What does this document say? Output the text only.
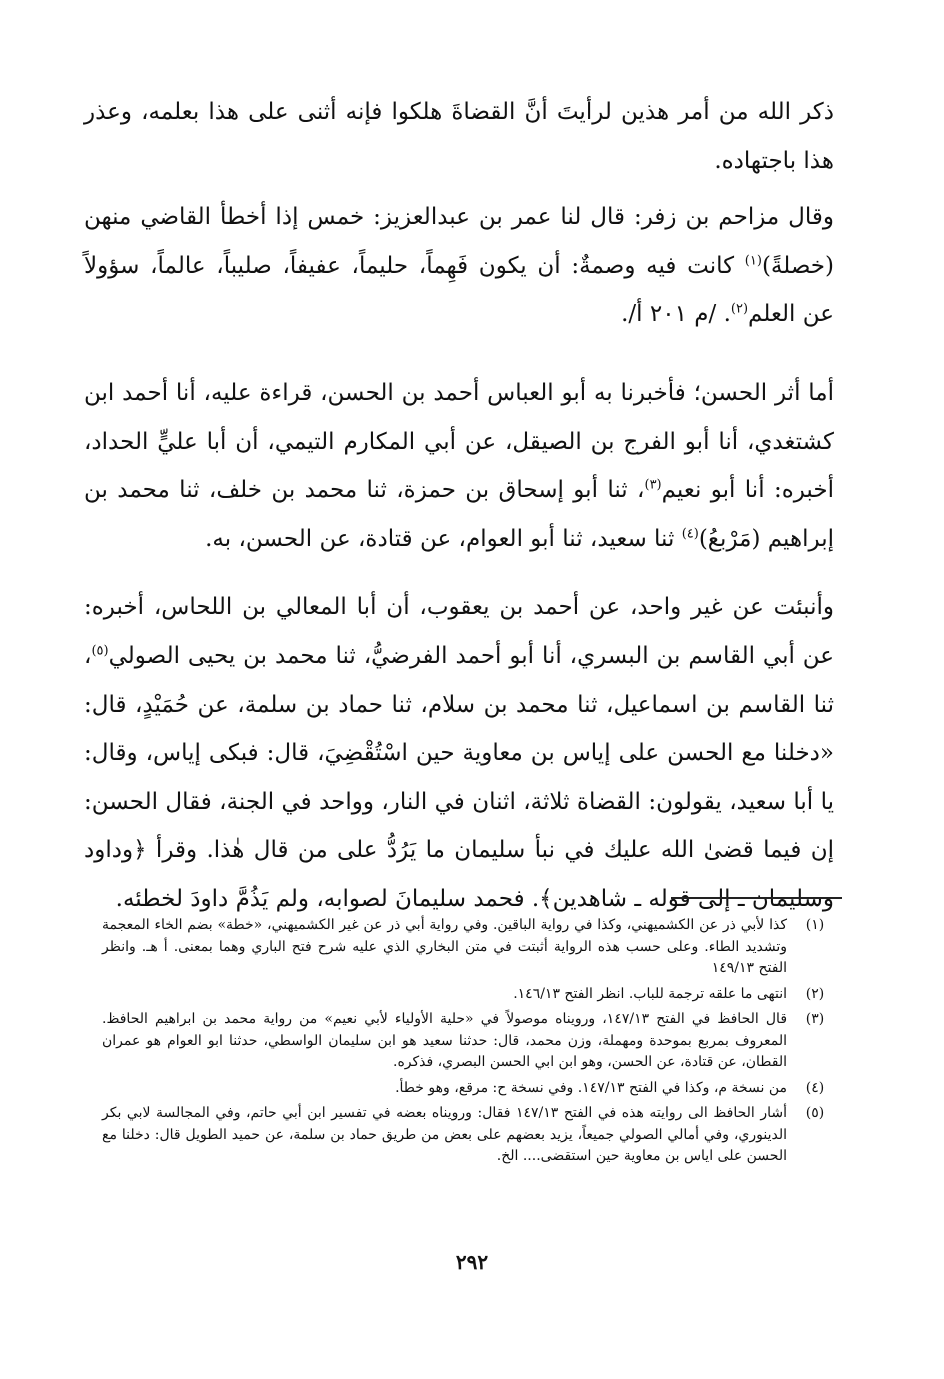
ذكر الله من أمر هذين لرأيتَ أنَّ القضاةَ هلكوا فإنه أثنى على هذا بعلمه، وعذر هذا باجتهاده.

وقال مزاحم بن زفر: قال لنا عمر بن عبدالعزيز: خمس إذا أخطأ القاضي منهن (خصلةً)$^{(١)}$ كانت فيه وصمةٌ: أن يكون فَهِماً، حليماً، عفيفاً، صليباً، عالماً، سؤولاً عن العلم$^{(٢)}$. /م ٢٠١ أ/.

أما أثر الحسن؛ فأخبرنا به أبو العباس أحمد بن الحسن، قراءة عليه، أنا أحمد ابن كشتغدي، أنا أبو الفرج بن الصيقل، عن أبي المكارم التيمي، أن أبا عليٍّ الحداد، أخبره: أنا أبو نعيم$^{(٣)}$، ثنا أبو إسحاق بن حمزة، ثنا محمد بن خلف، ثنا محمد بن إبراهيم (مَرْبعُ)$^{(٤)}$ ثنا سعيد، ثنا أبو العوام، عن قتادة، عن الحسن، به.

وأنبئت عن غير واحد، عن أحمد بن يعقوب، أن أبا المعالي بن اللحاس، أخبره: عن أبي القاسم بن البسري، أنا أبو أحمد الفرضيُّ، ثنا محمد بن يحيى الصولي$^{(٥)}$، ثنا القاسم بن اسماعيل، ثنا محمد بن سلام، ثنا حماد بن سلمة، عن حُمَيْدٍ، قال: «دخلنا مع الحسن على إياس بن معاوية حين اسْتُقْضِيَ، قال: فبكى إياس، وقال: يا أبا سعيد، يقولون: القضاة ثلاثة، اثنان في النار، وواحد في الجنة، فقال الحسن: إن فيما قضىٰ الله عليك في نبأ سليمان ما يَرُدُّ على من قال هٰذا. وقرأ ﴿وداود وسليمان ـ إلى قوله ـ شاهدين﴾. فحمد سليمانَ لصوابه، ولم يَذُمَّ داودَ لخطئه.

(١)
كذا لأبي ذر عن الكشميهني، وكذا في رواية الباقين. وفي رواية أبي ذر عن غير الكشميهني، «خطة» بضم الخاء المعجمة وتشديد الطاء. وعلى حسب هذه الرواية أثبتت في متن البخاري الذي عليه شرح فتح الباري وهما بمعنى. أ هـ. وانظر الفتح ١٤٩/١٣
(٢)
انتهى ما علقه ترجمة للباب. انظر الفتح ١٤٦/١٣.
(٣)
قال الحافظ في الفتح ١٤٧/١٣، ورويناه موصولاً في «حلية الأولياء لأبي نعيم» من رواية محمد بن ابراهيم الحافظ. المعروف بمربع بموحدة ومهملة، وزن محمد، قال: حدثنا سعيد هو ابن سليمان الواسطي، حدثنا ابو العوام هو عمران القطان، عن قتادة، عن الحسن، وهو ابن ابي الحسن البصري، فذكره.
(٤)
من نسخة م، وكذا في الفتح ١٤٧/١٣. وفي نسخة ح: مرقع، وهو خطأ.
(٥)
أشار الحافظ الى روايته هذه في الفتح ١٤٧/١٣ فقال: ورويناه بعضه في تفسير ابن أبي حاتم، وفي المجالسة لابي بكر الدينوري، وفي أمالي الصولي جميعاً، يزيد بعضهم على بعض من طريق حماد بن سلمة، عن حميد الطويل قال: دخلنا مع الحسن على اياس بن معاوية حين استقضى.... الخ.
٢٩٢
